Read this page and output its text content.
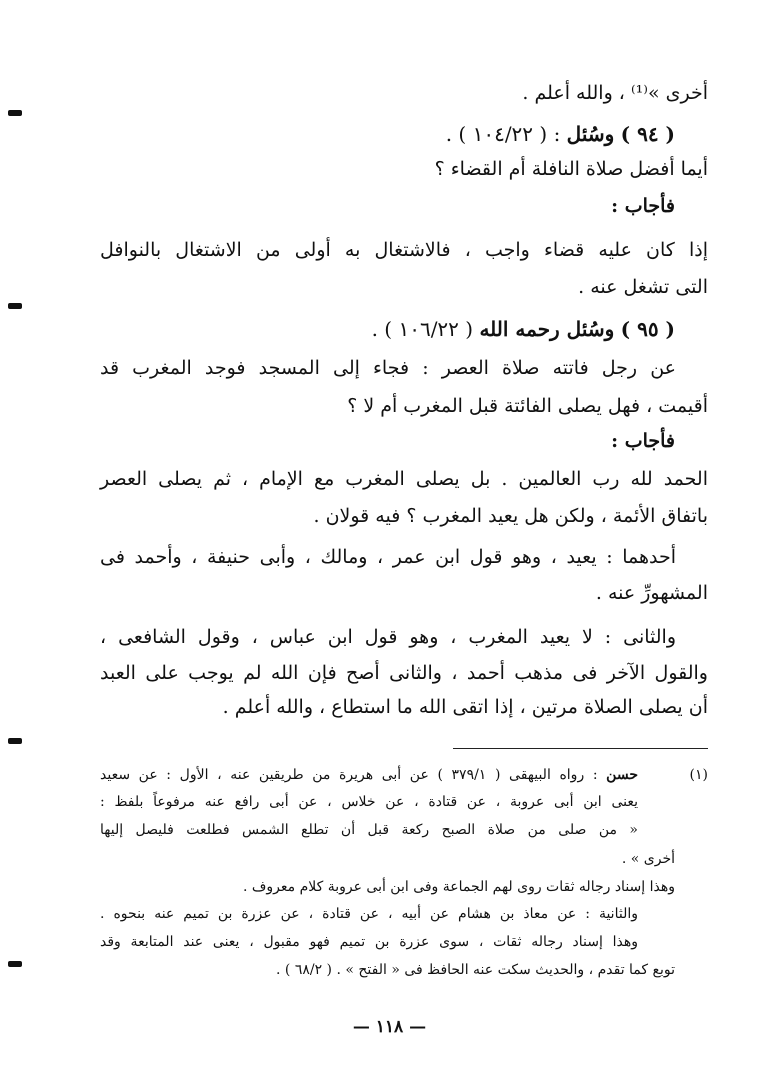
أخرى »⁽¹⁾ ، والله أعلم .
( ٩٤ ) وسُئل : ( ١٠٤/٢٢ ) .
أيما أفضل صلاة النافلة أم القضاء ؟
فأجاب :
إذا كان عليه قضاء واجب ، فالاشتغال به أولى من الاشتغال بالنوافل
التى تشغل عنه .
( ٩٥ ) وسُئل رحمه الله ( ١٠٦/٢٢ ) .
عن رجل فاتته صلاة العصر : فجاء إلى المسجد فوجد المغرب قد
أقيمت ، فهل يصلى الفائتة قبل المغرب أم لا ؟
فأجاب :
الحمد لله رب العالمين . بل يصلى المغرب مع الإمام ، ثم يصلى العصر
باتفاق الأئمة ، ولكن هل يعيد المغرب ؟ فيه قولان .
أحدهما : يعيد ، وهو قول ابن عمر ، ومالك ، وأبى حنيفة ، وأحمد فى
المشهورِّ عنه .
والثانى : لا يعيد المغرب ، وهو قول ابن عباس ، وقول الشافعى ،
والقول الآخر فى مذهب أحمد ، والثانى أصح فإن الله لم يوجب على العبد
أن يصلى الصلاة مرتين ، إذا اتقى الله ما استطاع ، والله أعلم .
(١)
حسن : رواه البيهقى ( ٣٧٩/١ ) عن أبى هريرة من طريقين عنه ، الأول : عن سعيد
يعنى ابن أبى عروبة ، عن قتادة ، عن خلاس ، عن أبى رافع عنه مرفوعاً بلفظ :
« من صلى من صلاة الصبح ركعة قبل أن تطلع الشمس فطلعت فليصل إليها
أخرى » .
وهذا إسناد رجاله ثقات روى لهم الجماعة وفى ابن أبى عروبة كلام معروف .
والثانية : عن معاذ بن هشام عن أبيه ، عن قتادة ، عن عزرة بن تميم عنه بنحوه .
وهذا إسناد رجاله ثقات ، سوى عزرة بن تميم فهو مقبول ، يعنى عند المتابعة وقد
توبع كما تقدم ، والحديث سكت عنه الحافظ فى « الفتح » . ( ٦٨/٢ ) .
— ١١٨ —
